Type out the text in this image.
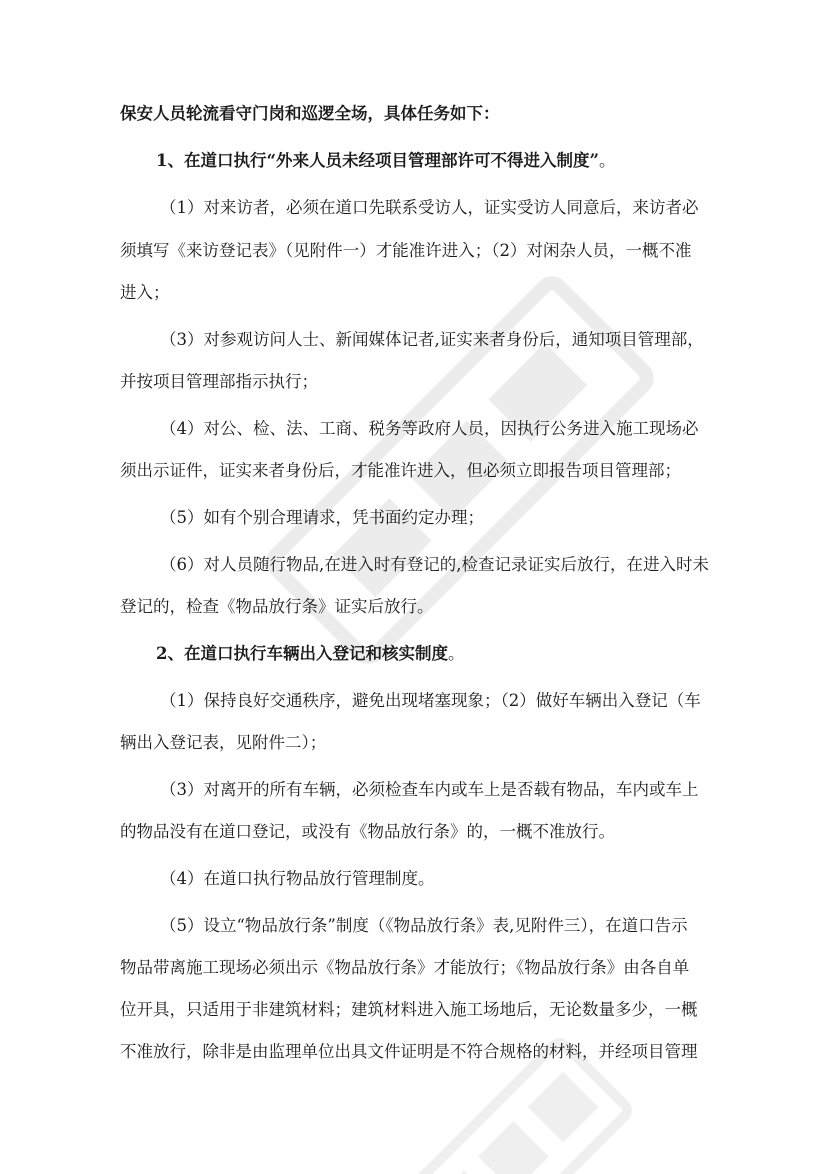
保安人员轮流看守门岗和巡逻全场，具体任务如下：

1、在道口执行“外来人员未经项目管理部许可不得进入制度”。

（1）对来访者，必须在道口先联系受访人，证实受访人同意后，来访者必

须填写《来访登记表》（见附件一）才能准许进入；（2）对闲杂人员，一概不准

进入；

（3）对参观访问人士、新闻媒体记者,证实来者身份后，通知项目管理部，

并按项目管理部指示执行；

（4）对公、检、法、工商、税务等政府人员，因执行公务进入施工现场必

须出示证件，证实来者身份后，才能准许进入，但必须立即报告项目管理部；

（5）如有个别合理请求，凭书面约定办理；

（6）对人员随行物品,在进入时有登记的,检查记录证实后放行，在进入时未

登记的，检查《物品放行条》证实后放行。

2、在道口执行车辆出入登记和核实制度。

（1）保持良好交通秩序，避免出现堵塞现象；（2）做好车辆出入登记（车

辆出入登记表，见附件二）；

（3）对离开的所有车辆，必须检查车内或车上是否载有物品，车内或车上

的物品没有在道口登记，或没有《物品放行条》的，一概不准放行。

（4）在道口执行物品放行管理制度。

（5）设立“物品放行条”制度（《物品放行条》表,见附件三），在道口告示

物品带离施工现场必须出示《物品放行条》才能放行；《物品放行条》由各自单

位开具，只适用于非建筑材料；建筑材料进入施工场地后，无论数量多少，一概

不准放行，除非是由监理单位出具文件证明是不符合规格的材料，并经项目管理
